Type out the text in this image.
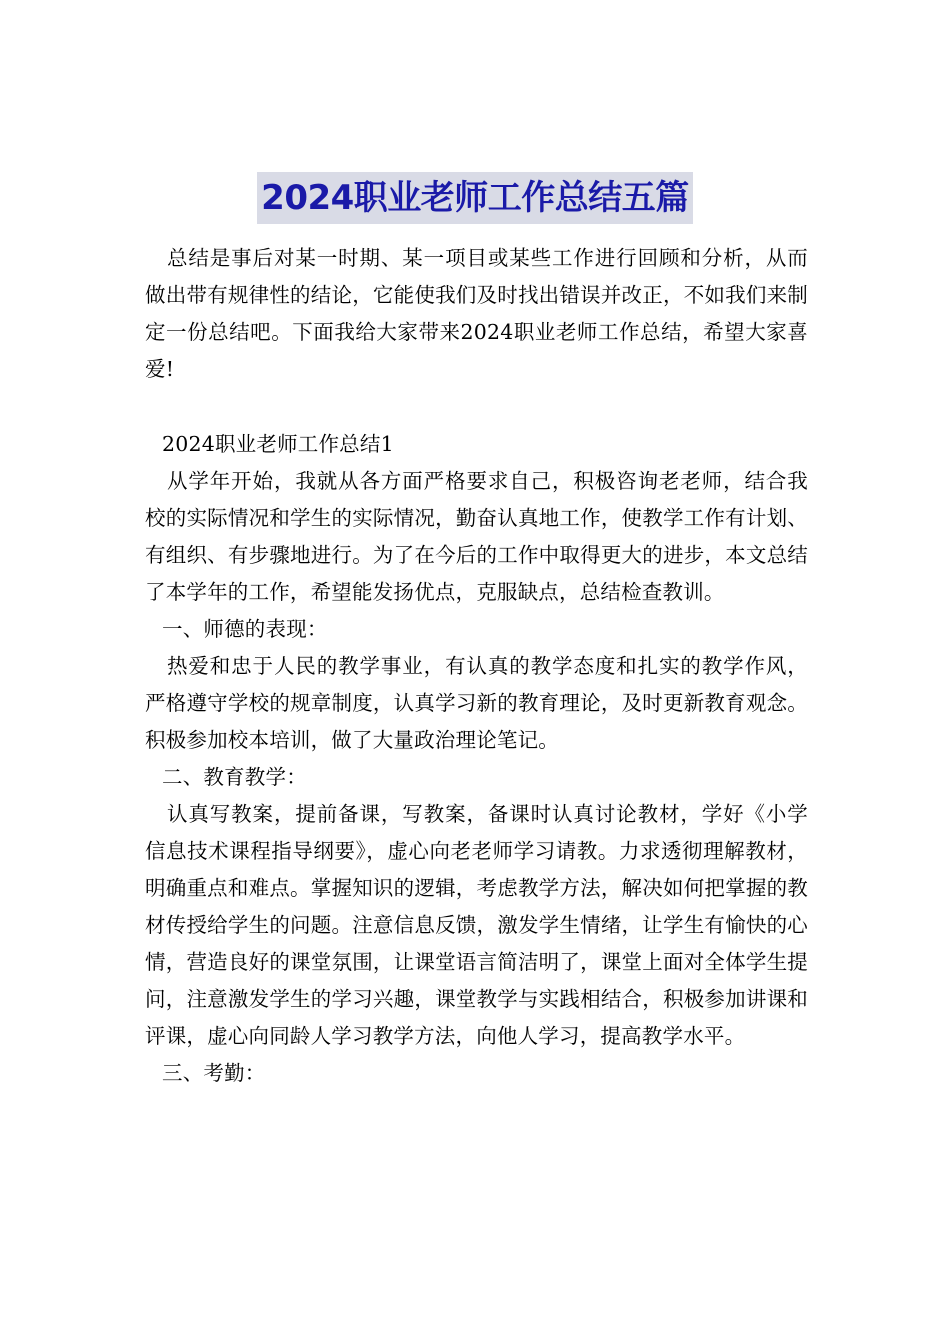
2024职业老师工作总结五篇

总结是事后对某一时期、某一项目或某些工作进行回顾和分析，从而做出带有规律性的结论，它能使我们及时找出错误并改正，不如我们来制定一份总结吧。下面我给大家带来2024职业老师工作总结，希望大家喜爱!

2024职业老师工作总结1

从学年开始，我就从各方面严格要求自己，积极咨询老老师，结合我校的实际情况和学生的实际情况，勤奋认真地工作，使教学工作有计划、有组织、有步骤地进行。为了在今后的工作中取得更大的进步，本文总结了本学年的工作，希望能发扬优点，克服缺点，总结检查教训。

一、师德的表现：

热爱和忠于人民的教学事业，有认真的教学态度和扎实的教学作风，严格遵守学校的规章制度，认真学习新的教育理论，及时更新教育观念。积极参加校本培训，做了大量政治理论笔记。

二、教育教学：

认真写教案，提前备课，写教案，备课时认真讨论教材，学好《小学信息技术课程指导纲要》，虚心向老老师学习请教。力求透彻理解教材，明确重点和难点。掌握知识的逻辑，考虑教学方法，解决如何把掌握的教材传授给学生的问题。注意信息反馈，激发学生情绪，让学生有愉快的心情，营造良好的课堂氛围，让课堂语言简洁明了，课堂上面对全体学生提问，注意激发学生的学习兴趣，课堂教学与实践相结合，积极参加讲课和评课，虚心向同龄人学习教学方法，向他人学习，提高教学水平。

三、考勤：
